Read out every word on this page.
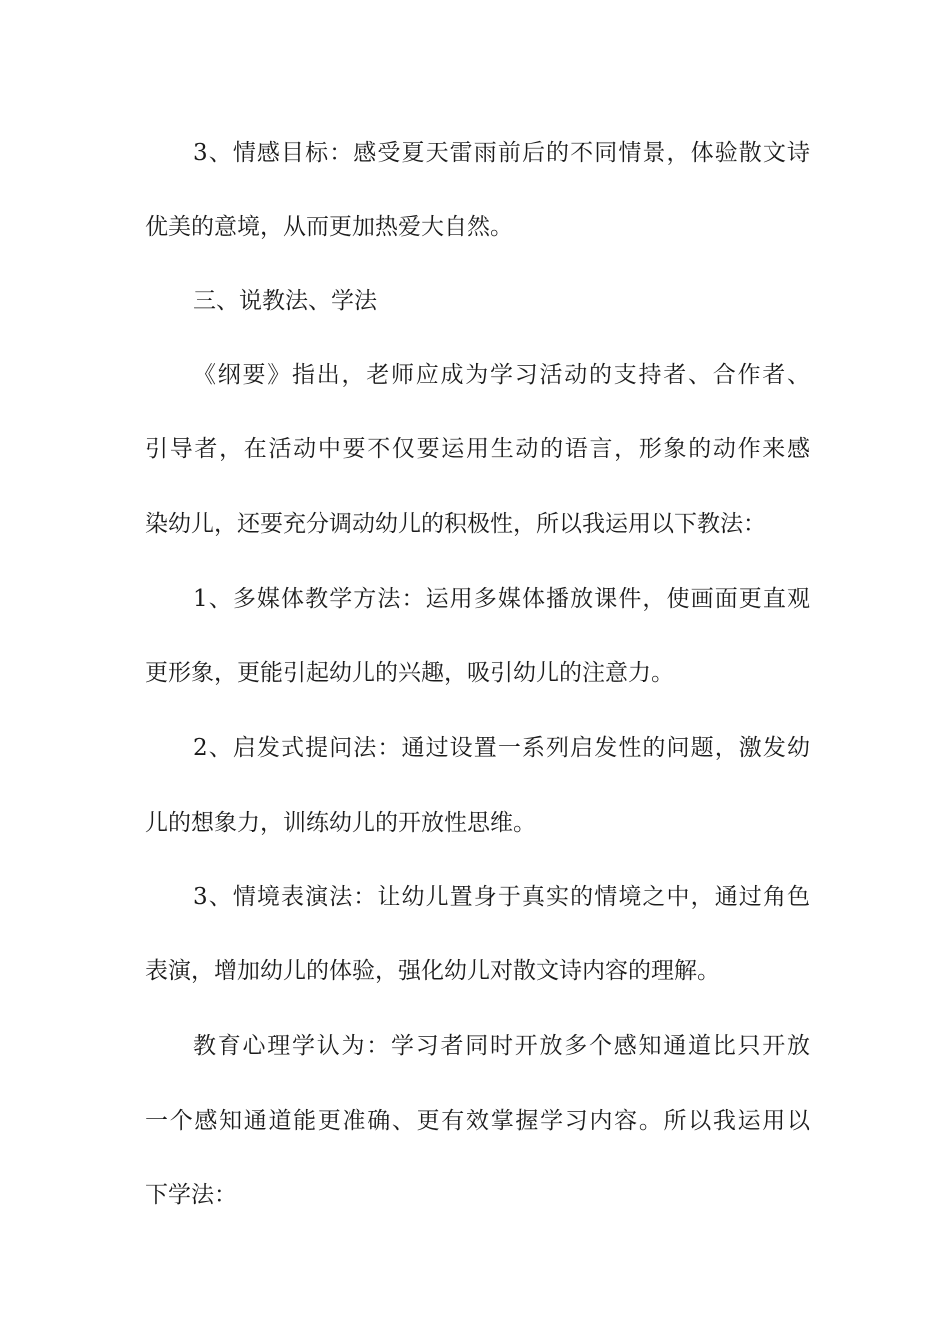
3、情感目标：感受夏天雷雨前后的不同情景，体验散文诗
优美的意境，从而更加热爱大自然。
三、说教法、学法
《纲要》指出，老师应成为学习活动的支持者、合作者、
引导者，在活动中要不仅要运用生动的语言，形象的动作来感
染幼儿，还要充分调动幼儿的积极性，所以我运用以下教法：
1、多媒体教学方法：运用多媒体播放课件，使画面更直观
更形象，更能引起幼儿的兴趣，吸引幼儿的注意力。
2、启发式提问法：通过设置一系列启发性的问题，激发幼
儿的想象力，训练幼儿的开放性思维。
3、情境表演法：让幼儿置身于真实的情境之中，通过角色
表演，增加幼儿的体验，强化幼儿对散文诗内容的理解。
教育心理学认为：学习者同时开放多个感知通道比只开放
一个感知通道能更准确、更有效掌握学习内容。所以我运用以
下学法：
